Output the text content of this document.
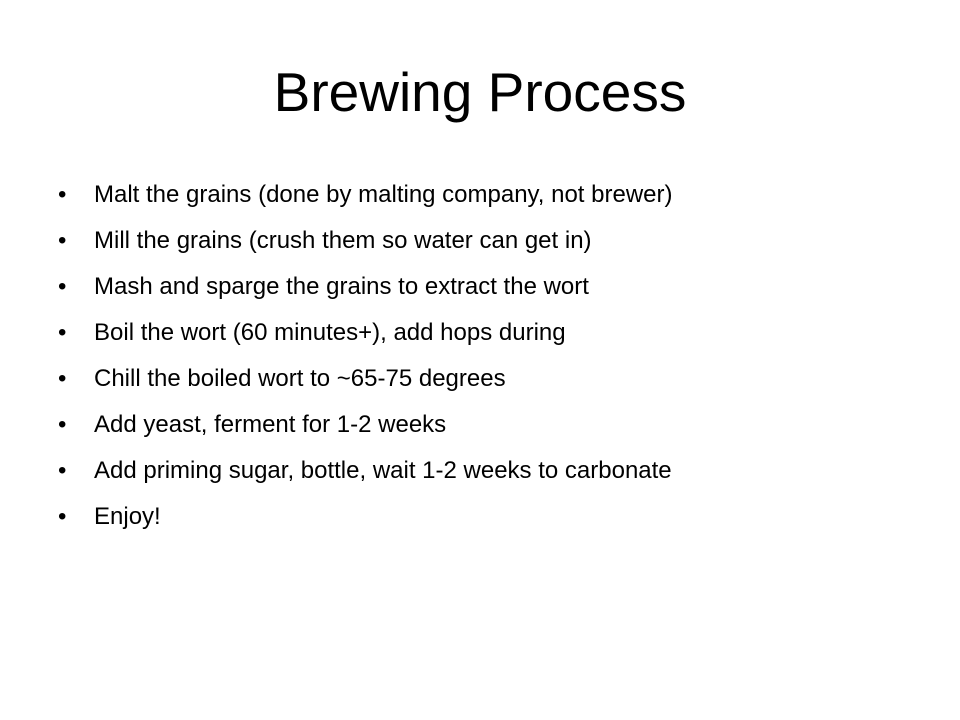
Brewing Process
•	Malt the grains (done by malting company, not brewer)
•	Mill the grains (crush them so water can get in)
•	Mash and sparge the grains to extract the wort
•	Boil the wort (60 minutes+), add hops during
•	Chill the boiled wort to ~65-75 degrees
•	Add yeast, ferment for 1-2 weeks
•	Add priming sugar, bottle, wait 1-2 weeks to carbonate
•	Enjoy!
